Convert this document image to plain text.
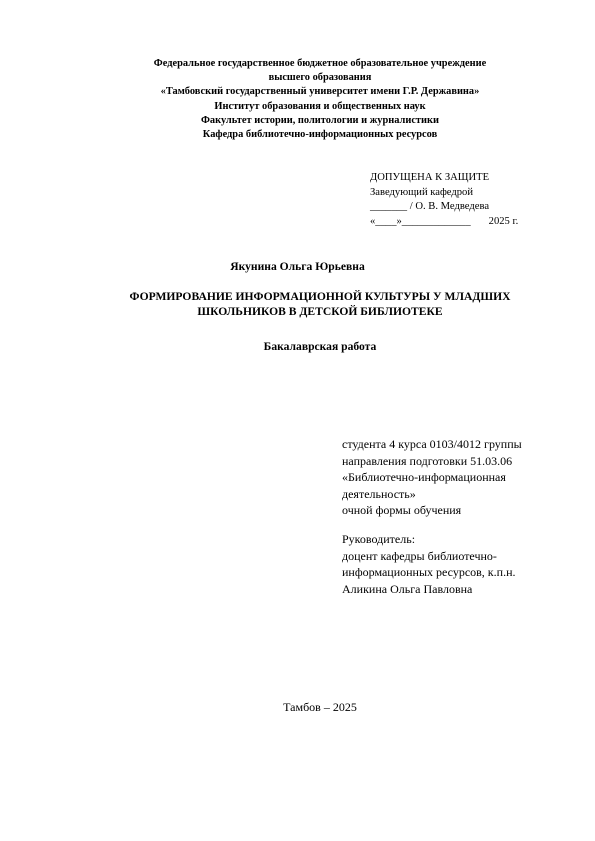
Федеральное государственное бюджетное образовательное учреждение
высшего образования
«Тамбовский государственный университет имени Г.Р. Державина»
Институт образования и общественных наук
Факультет истории, политологии и журналистики
Кафедра библиотечно-информационных ресурсов
ДОПУЩЕНА К ЗАЩИТЕ
Заведующий кафедрой
_______ / О. В. Медведева
«____»_____________ 2025 г.
Якунина Ольга Юрьевна
ФОРМИРОВАНИЕ ИНФОРМАЦИОННОЙ КУЛЬТУРЫ У МЛАДШИХ
ШКОЛЬНИКОВ В ДЕТСКОЙ БИБЛИОТЕКЕ
Бакалаврская работа
студента 4 курса 0103/4012 группы
направления подготовки 51.03.06
«Библиотечно-информационная
деятельность»
очной формы обучения
Руководитель:
доцент кафедры библиотечно-
информационных ресурсов, к.п.н.
Аликина Ольга Павловна
Тамбов – 2025
